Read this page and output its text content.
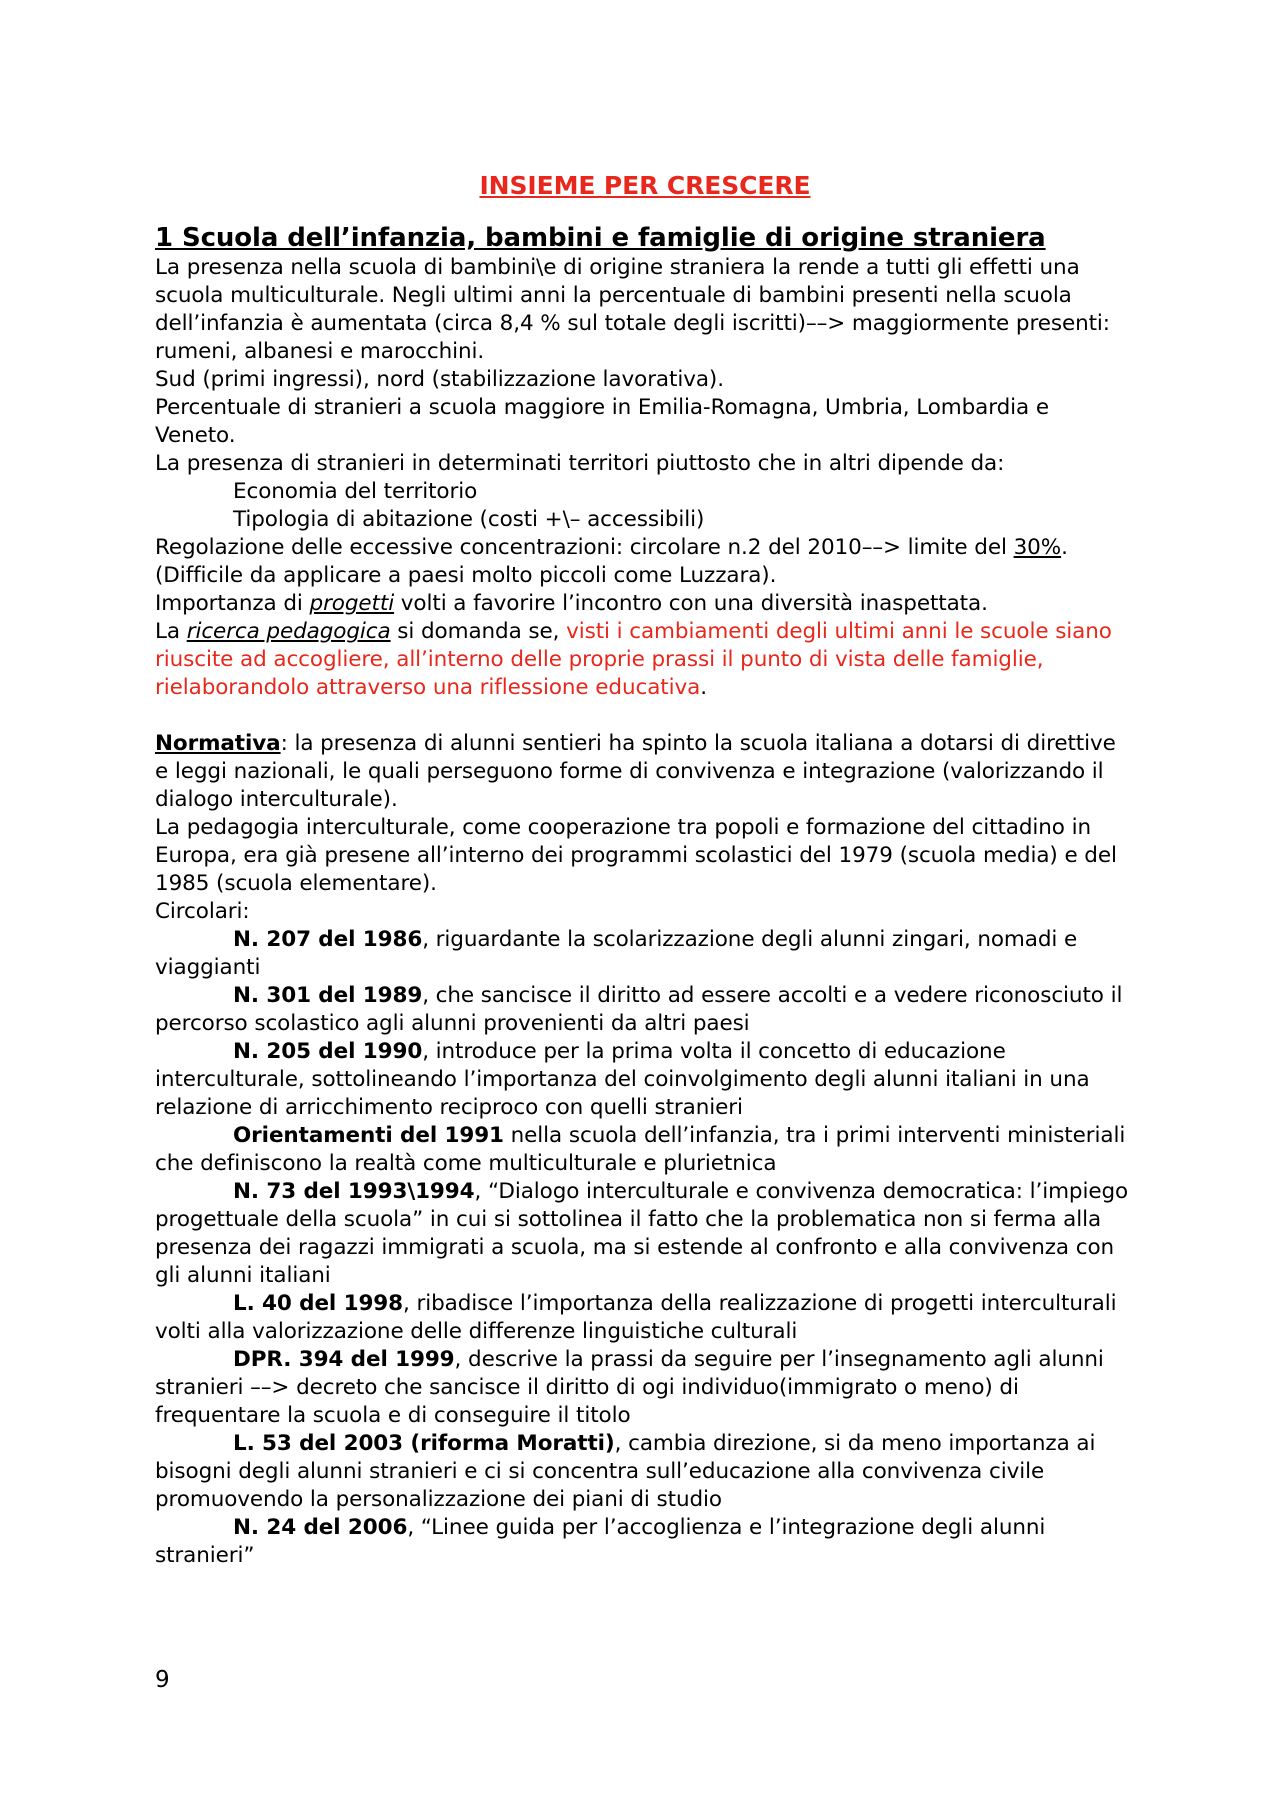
INSIEME PER CRESCERE
1 Scuola dell’infanzia, bambini e famiglie di origine straniera

La presenza nella scuola di bambini\e di origine straniera la rende a tutti gli effetti una scuola multiculturale. Negli ultimi anni la percentuale di bambini presenti nella scuola dell’infanzia è aumentata (circa 8,4 % sul totale degli iscritti)––> maggiormente presenti: rumeni, albanesi e marocchini.

Sud (primi ingressi), nord (stabilizzazione lavorativa).

Percentuale di stranieri a scuola maggiore in Emilia-Romagna, Umbria, Lombardia e Veneto.

La presenza di stranieri in determinati territori piuttosto che in altri dipende da:

Economia del territorio

Tipologia di abitazione (costi +\– accessibili)

Regolazione delle eccessive concentrazioni: circolare n.2 del 2010––> limite del 30%.

(Difficile da applicare a paesi molto piccoli come Luzzara).

Importanza di progetti volti a favorire l’incontro con una diversità inaspettata.

La ricerca pedagogica si domanda se, visti i cambiamenti degli ultimi anni le scuole siano riuscite ad accogliere, all’interno delle proprie prassi il punto di vista delle famiglie, rielaborandolo attraverso una riflessione educativa.

Normativa: la presenza di alunni sentieri ha spinto la scuola italiana a dotarsi di direttive e leggi nazionali, le quali perseguono forme di convivenza e integrazione (valorizzando il dialogo interculturale).

La pedagogia interculturale, come cooperazione tra popoli e formazione del cittadino in Europa, era già presene all’interno dei programmi scolastici del 1979 (scuola media) e del 1985 (scuola elementare).

Circolari:

N. 207 del 1986, riguardante la scolarizzazione degli alunni zingari, nomadi e viaggianti

N. 301 del 1989, che sancisce il diritto ad essere accolti e a vedere riconosciuto il percorso scolastico agli alunni provenienti da altri paesi

N. 205 del 1990, introduce per la prima volta il concetto di educazione interculturale, sottolineando l’importanza del coinvolgimento degli alunni italiani in una relazione di arricchimento reciproco con quelli stranieri

Orientamenti del 1991 nella scuola dell’infanzia, tra i primi interventi ministeriali che definiscono la realtà come multiculturale e plurietnica

N. 73 del 1993\1994, “Dialogo interculturale e convivenza democratica: l’impiego progettuale della scuola” in cui si sottolinea il fatto che la problematica non si ferma alla presenza dei ragazzi immigrati a scuola, ma si estende al confronto e alla convivenza con gli alunni italiani

L. 40 del 1998, ribadisce l’importanza della realizzazione di progetti interculturali volti alla valorizzazione delle differenze linguistiche culturali

DPR. 394 del 1999, descrive la prassi da seguire per l’insegnamento agli alunni stranieri ––> decreto che sancisce il diritto di ogi individuo(immigrato o meno) di frequentare la scuola e di conseguire il titolo

L. 53 del 2003 (riforma Moratti), cambia direzione, si da meno importanza ai bisogni degli alunni stranieri e ci si concentra sull’educazione alla convivenza civile promuovendo la personalizzazione dei piani di studio

N. 24 del 2006, “Linee guida per l’accoglienza e l’integrazione degli alunni stranieri”

9
